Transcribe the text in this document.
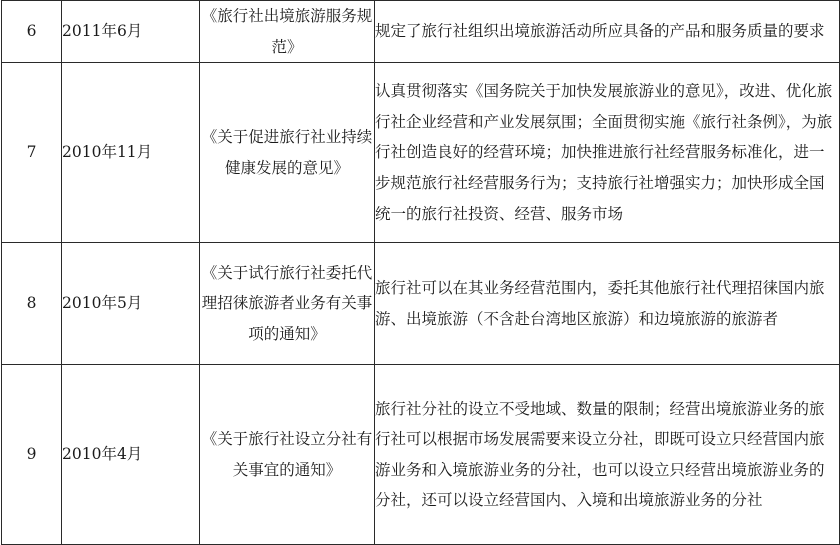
6	2011年6月	《旅行社出境旅游服务规范》	规定了旅行社组织出境旅游活动所应具备的产品和服务质量的要求
7	2010年11月	《关于促进旅行社业持续健康发展的意见》	认真贯彻落实《国务院关于加快发展旅游业的意见》，改进、优化旅行社企业经营和产业发展氛围；全面贯彻实施《旅行社条例》，为旅行社创造良好的经营环境；加快推进旅行社经营服务标准化，进一步规范旅行社经营服务行为；支持旅行社增强实力；加快形成全国统一的旅行社投资、经营、服务市场
8	2010年5月	《关于试行旅行社委托代理招徕旅游者业务有关事项的通知》	旅行社可以在其业务经营范围内，委托其他旅行社代理招徕国内旅游、出境旅游（不含赴台湾地区旅游）和边境旅游的旅游者
9	2010年4月	《关于旅行社设立分社有关事宜的通知》	旅行社分社的设立不受地域、数量的限制；经营出境旅游业务的旅行社可以根据市场发展需要来设立分社，即既可设立只经营国内旅游业务和入境旅游业务的分社，也可以设立只经营出境旅游业务的分社，还可以设立经营国内、入境和出境旅游业务的分社
